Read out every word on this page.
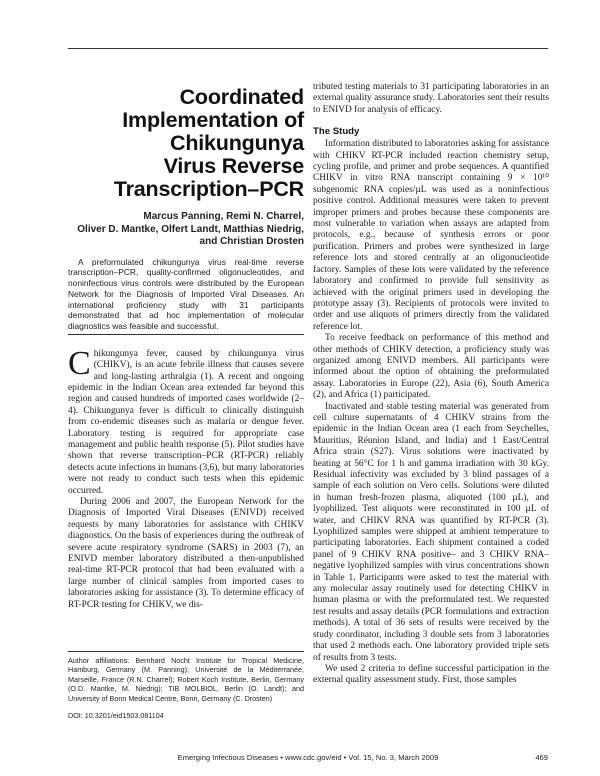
Coordinated
Implementation of
Chikungunya
Virus Reverse
Transcription–PCR
Marcus Panning, Remi N. Charrel,
Oliver D. Mantke, Olfert Landt, Matthias Niedrig,
and Christian Drosten

A preformulated chikungunya virus real-time reverse transcription–PCR, quality-confirmed oligonucleotides, and noninfectious virus controls were distributed by the European Network for the Diagnosis of Imported Viral Diseases. An international proficiency study with 31 participants demonstrated that ad hoc implementation of molecular diagnostics was feasible and successful.

Chikungunya fever, caused by chikungunya virus (CHIKV), is an acute febrile illness that causes severe and long-lasting arthralgia (1). A recent and ongoing epidemic in the Indian Ocean area extended far beyond this region and caused hundreds of imported cases worldwide (2–4). Chikungunya fever is difficult to clinically distinguish from co-endemic diseases such as malaria or dengue fever. Laboratory testing is required for appropriate case management and public health response (5). Pilot studies have shown that reverse transcription–PCR (RT-PCR) reliably detects acute infections in humans (3,6), but many laboratories were not ready to conduct such tests when this epidemic occurred.

During 2006 and 2007, the European Network for the Diagnosis of Imported Viral Diseases (ENIVD) received requests by many laboratories for assistance with CHIKV diagnostics. On the basis of experiences during the outbreak of severe acute respiratory syndrome (SARS) in 2003 (7), an ENIVD member laboratory distributed a then-unpublished real-time RT-PCR protocol that had been evaluated with a large number of clinical samples from imported cases to laboratories asking for assistance (3). To determine efficacy of RT-PCR testing for CHIKV, we dis-

Author affiliations: Bernhard Nocht Institute for Tropical Medicine, Hamburg, Germany (M. Panning); Université de la Méditerranée, Marseille, France (R.N. Charrel); Robert Koch Institute, Berlin, Germany (O.D. Mantke, M. Niedrig); TIB MOLBIOL, Berlin (O. Landt); and University of Bonn Medical Centre, Bonn, Germany (C. Drosten)
DOI: 10.3201/eid1503.081104

tributed testing materials to 31 participating laboratories in an external quality assurance study. Laboratories sent their results to ENIVD for analysis of efficacy.

The Study

Information distributed to laboratories asking for assistance with CHIKV RT-PCR included reaction chemistry setup, cycling profile, and primer and probe sequences. A quantified CHIKV in vitro RNA transcript containing 9 × 10¹⁰ subgenomic RNA copies/µL was used as a noninfectious positive control. Additional measures were taken to prevent improper primers and probes because these components are most vulnerable to variation when assays are adapted from protocols, e.g., because of synthesis errors or poor purification. Primers and probes were synthesized in large reference lots and stored centrally at an oligonucleotide factory. Samples of these lots were validated by the reference laboratory and confirmed to provide full sensitivity as achieved with the original primers used in developing the prototype assay (3). Recipients of protocols were invited to order and use aliquots of primers directly from the validated reference lot.

To receive feedback on performance of this method and other methods of CHIKV detection, a proficiency study was organized among ENIVD members. All participants were informed about the option of obtaining the preformulated assay. Laboratories in Europe (22), Asia (6), South America (2), and Africa (1) participated.

Inactivated and stable testing material was generated from cell culture supernatants of 4 CHIKV strains from the epidemic in the Indian Ocean area (1 each from Seychelles, Mauritius, Réunion Island, and India) and 1 East/Central Africa strain (S27). Virus solutions were inactivated by heating at 56°C for 1 h and gamma irradiation with 30 kGy. Residual infectivity was excluded by 3 blind passages of a sample of each solution on Vero cells. Solutions were diluted in human fresh-frozen plasma, aliquoted (100 µL), and lyophilized. Test aliquots were reconstituted in 100 µL of water, and CHIKV RNA was quantified by RT-PCR (3). Lyophilized samples were shipped at ambient temperature to participating laboratories. Each shipment contained a coded panel of 9 CHIKV RNA positive– and 3 CHIKV RNA–negative lyophilized samples with virus concentrations shown in Table 1. Participants were asked to test the material with any molecular assay routinely used for detecting CHIKV in human plasma or with the preformulated test. We requested test results and assay details (PCR formulations and extraction methods). A total of 36 sets of results were received by the study coordinator, including 3 double sets from 3 laboratories that used 2 methods each. One laboratory provided triple sets of results from 3 tests.

We used 2 criteria to define successful participation in the external quality assessment study. First, those samples

Emerging Infectious Diseases • www.cdc.gov/eid • Vol. 15, No. 3, March 2009	469
